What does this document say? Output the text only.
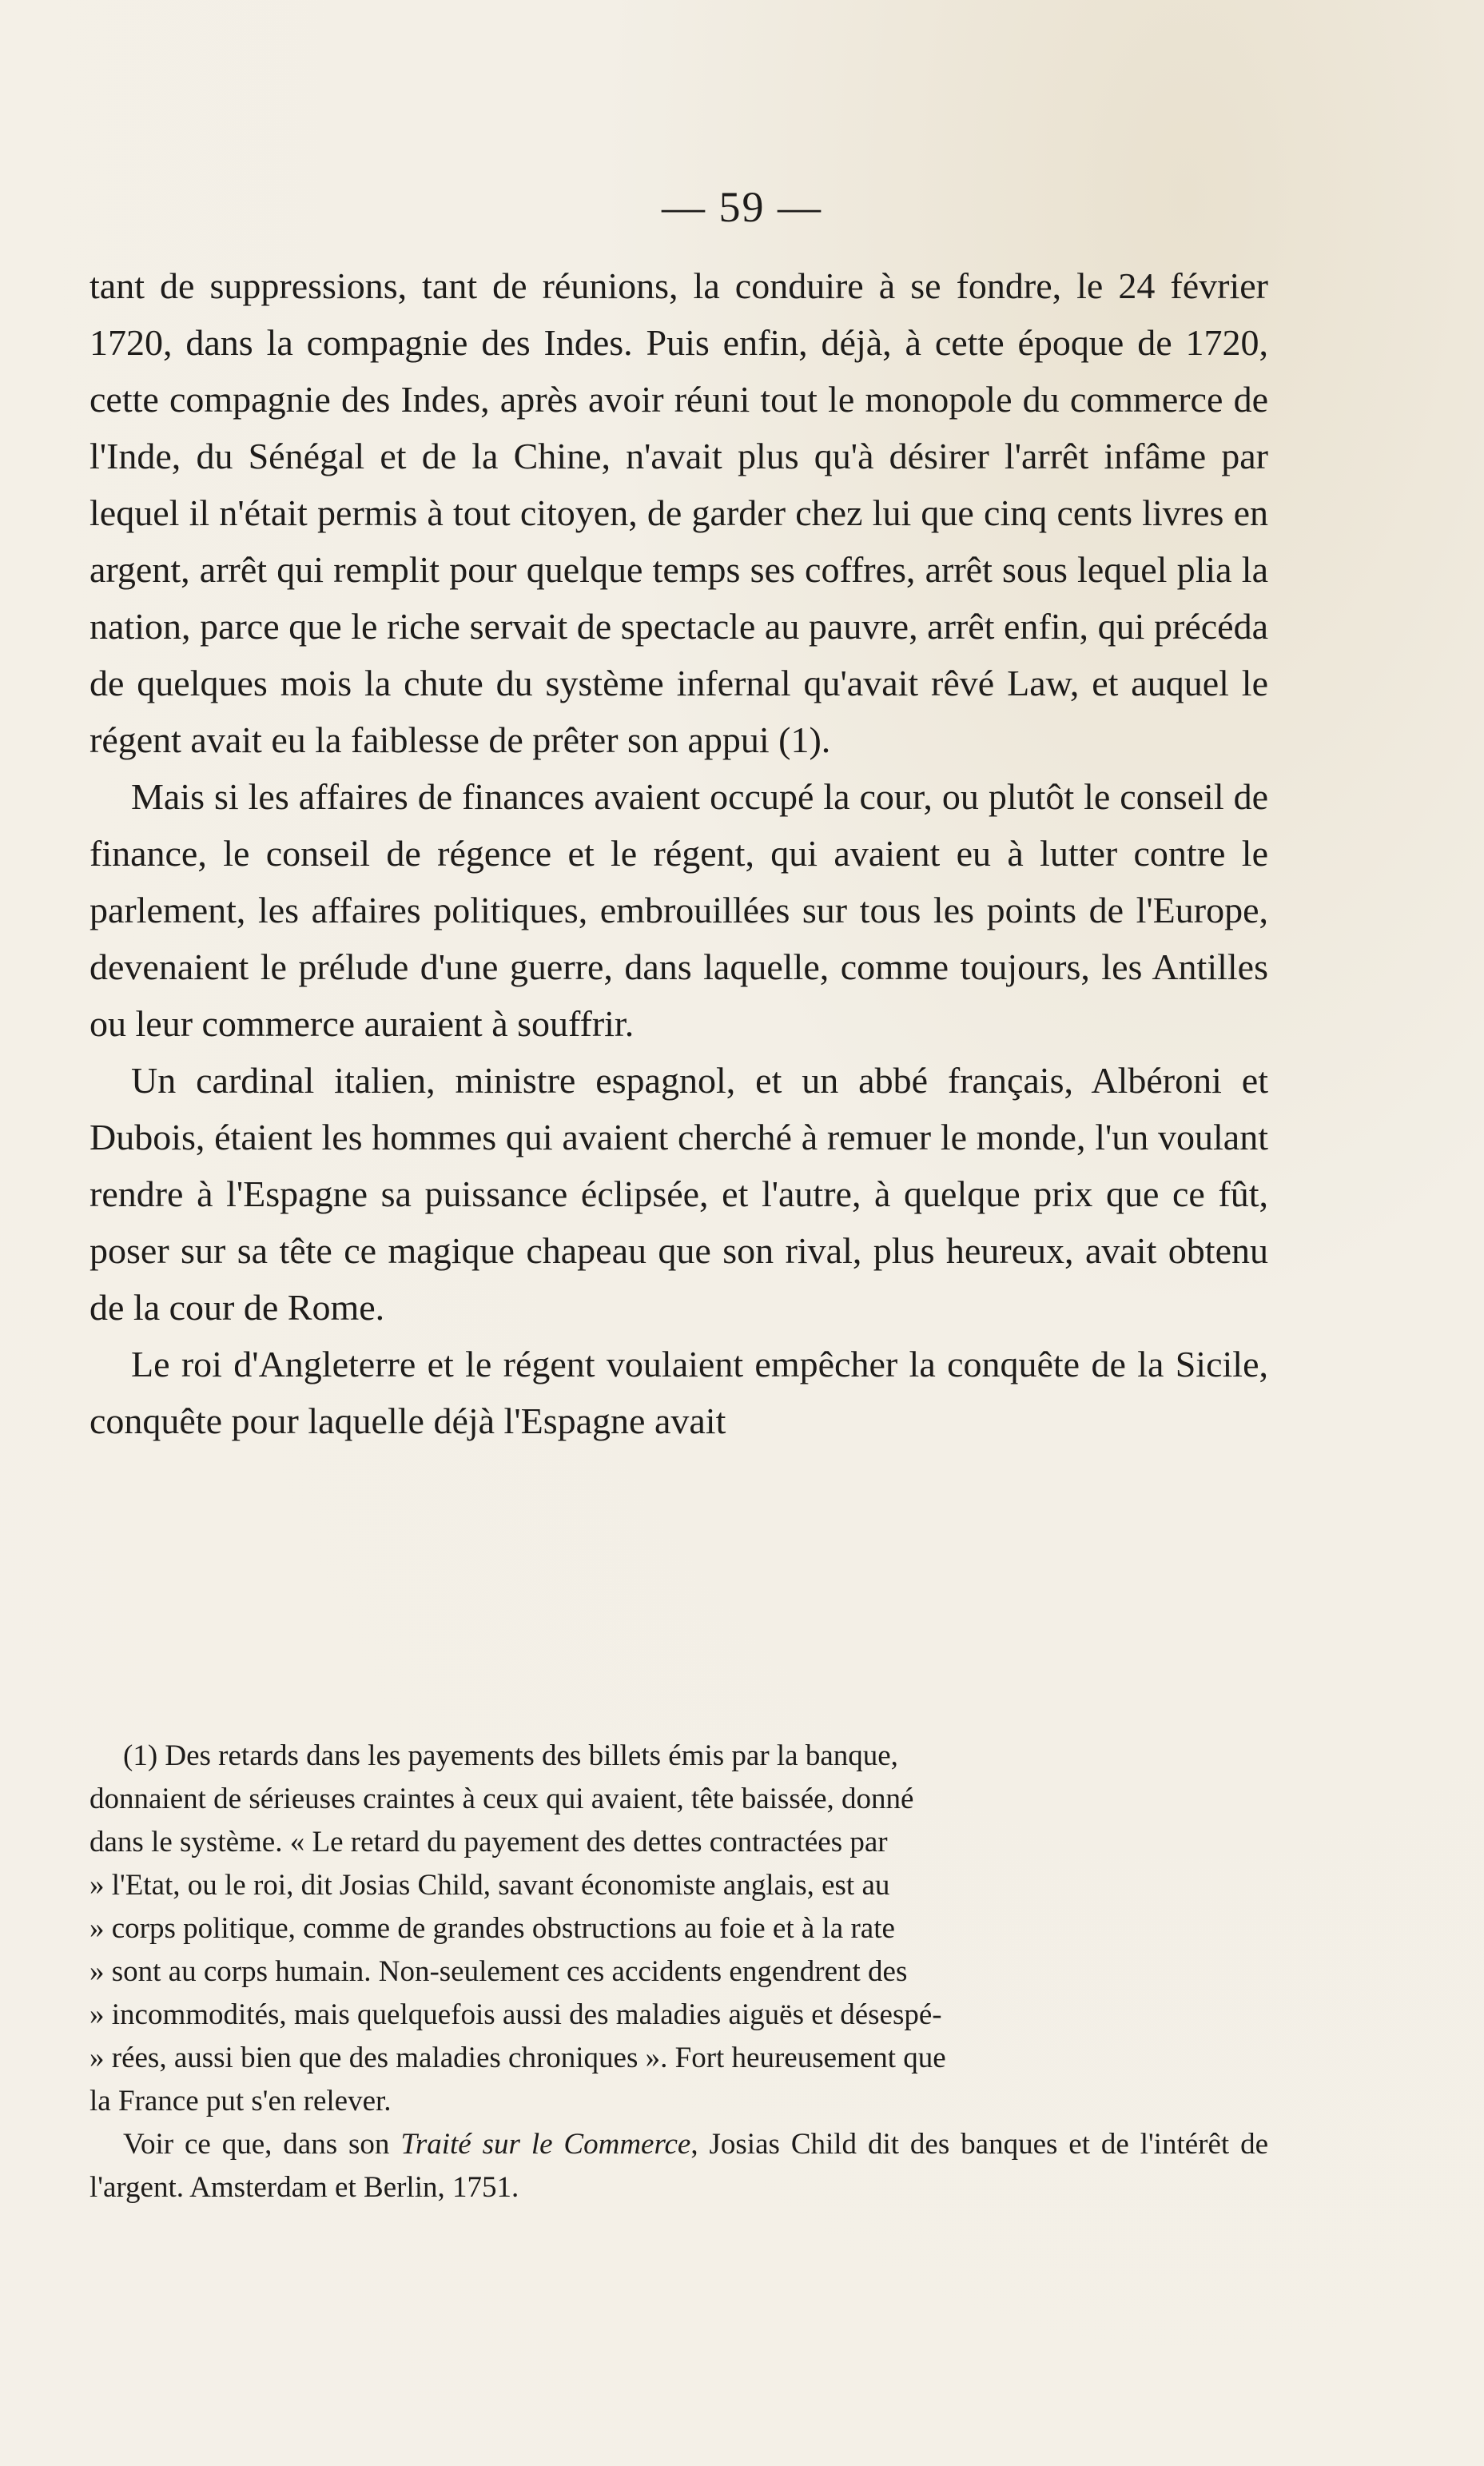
— 59 —

tant de suppressions, tant de réunions, la conduire à se fondre, le 24 février 1720, dans la compagnie des Indes. Puis enfin, déjà, à cette époque de 1720, cette compagnie des Indes, après avoir réuni tout le monopole du commerce de l'Inde, du Sénégal et de la Chine, n'avait plus qu'à désirer l'arrêt infâme par lequel il n'était permis à tout citoyen, de garder chez lui que cinq cents livres en argent, arrêt qui remplit pour quelque temps ses coffres, arrêt sous lequel plia la nation, parce que le riche servait de spectacle au pauvre, arrêt enfin, qui précéda de quelques mois la chute du système infernal qu'avait rêvé Law, et auquel le régent avait eu la faiblesse de prêter son appui (1).

Mais si les affaires de finances avaient occupé la cour, ou plutôt le conseil de finance, le conseil de régence et le régent, qui avaient eu à lutter contre le parlement, les affaires politiques, embrouillées sur tous les points de l'Europe, devenaient le prélude d'une guerre, dans laquelle, comme toujours, les Antilles ou leur commerce auraient à souffrir.

Un cardinal italien, ministre espagnol, et un abbé français, Albéroni et Dubois, étaient les hommes qui avaient cherché à remuer le monde, l'un voulant rendre à l'Espagne sa puissance éclipsée, et l'autre, à quelque prix que ce fût, poser sur sa tête ce magique chapeau que son rival, plus heureux, avait obtenu de la cour de Rome.

Le roi d'Angleterre et le régent voulaient empêcher la conquête de la Sicile, conquête pour laquelle déjà l'Espagne avait

(1) Des retards dans les payements des billets émis par la banque,
donnaient de sérieuses craintes à ceux qui avaient, tête baissée, donné
dans le système. « Le retard du payement des dettes contractées par
» l'Etat, ou le roi, dit Josias Child, savant économiste anglais, est au
» corps politique, comme de grandes obstructions au foie et à la rate
» sont au corps humain. Non-seulement ces accidents engendrent des
» incommodités, mais quelquefois aussi des maladies aiguës et désespé-
» rées, aussi bien que des maladies chroniques ». Fort heureusement que
la France put s'en relever.

Voir ce que, dans son Traité sur le Commerce, Josias Child dit des banques et de l'intérêt de l'argent. Amsterdam et Berlin, 1751.
